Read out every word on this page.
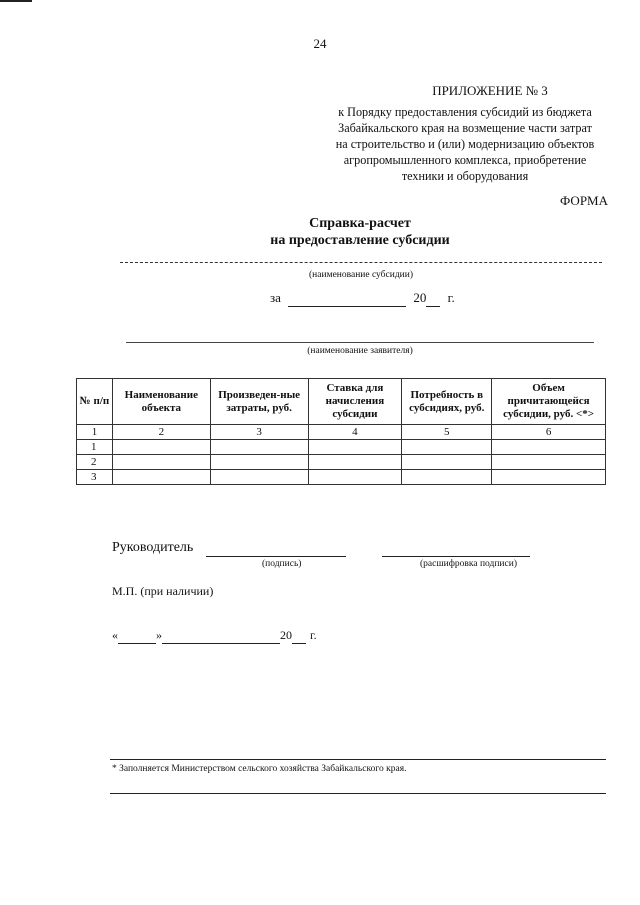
24
ПРИЛОЖЕНИЕ № 3
к Порядку предоставления субсидий из бюджета
Забайкальского края на возмещение части затрат
на строительство и (или) модернизацию объектов
агропромышленного комплекса, приобретение
техники и оборудования
ФОРМА
Справка-расчет
на предоставление субсидии
(наименование субсидии)
за	20 г.
(наименование заявителя)
№ п/п	Наименование объекта	Произведен-ные затраты, руб.	Ставка для начисления субсидии	Потребность в субсидиях, руб.	Объем причитающейся субсидии, руб. <*>
1	2	3	4	5	6
1					
2					
3					
Руководитель
(подпись)	(расшифровка подписи)
М.П. (при наличии)
«	»	20 г.
* Заполняется Министерством сельского хозяйства Забайкальского края.
